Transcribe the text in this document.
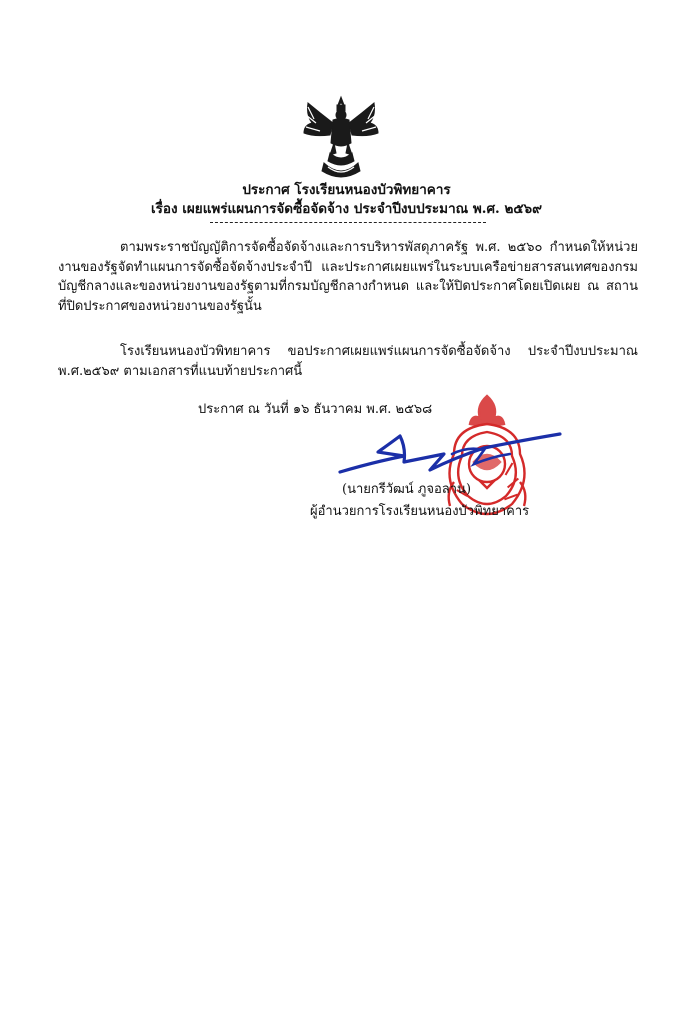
ประกาศ โรงเรียนหนองบัวพิทยาคาร
เรื่อง เผยแพร่แผนการจัดซื้อจัดจ้าง ประจำปีงบประมาณ พ.ศ. ๒๕๖๙
ตามพระราชบัญญัติการจัดซื้อจัดจ้างและการบริหารพัสดุภาครัฐ พ.ศ. ๒๕๖๐ กำหนดให้หน่วยงานของรัฐจัดทำแผนการจัดซื้อจัดจ้างประจำปี และประกาศเผยแพร่ในระบบเครือข่ายสารสนเทศของกรมบัญชีกลางและของหน่วยงานของรัฐตามที่กรมบัญชีกลางกำหนด และให้ปิดประกาศโดยเปิดเผย ณ สถานที่ปิดประกาศของหน่วยงานของรัฐนั้น
โรงเรียนหนองบัวพิทยาคาร ขอประกาศเผยแพร่แผนการจัดซื้อจัดจ้าง ประจำปีงบประมาณ พ.ศ.๒๕๖๙ ตามเอกสารที่แนบท้ายประกาศนี้
ประกาศ ณ วันที่ ๑๖ ธันวาคม พ.ศ. ๒๕๖๘
(นายกรีวัฒน์ ภูจอลาน)
ผู้อำนวยการโรงเรียนหนองบัวพิทยาคาร
